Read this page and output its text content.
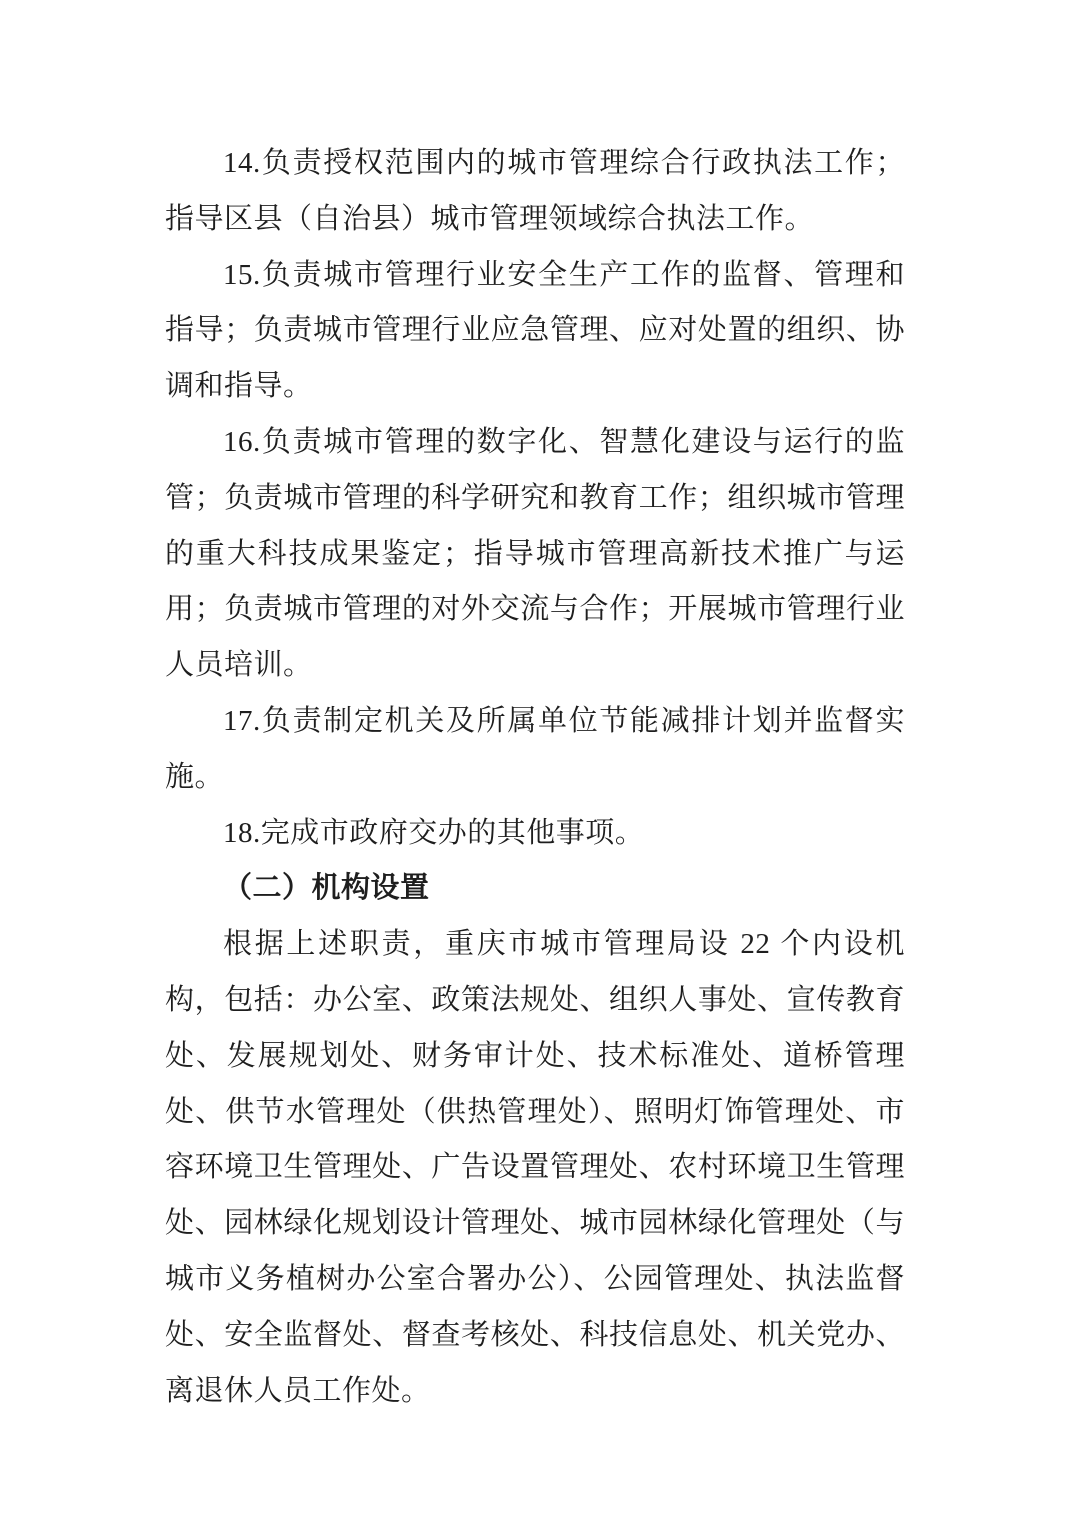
14.负责授权范围内的城市管理综合行政执法工作；指导区县（自治县）城市管理领域综合执法工作。

15.负责城市管理行业安全生产工作的监督、管理和指导；负责城市管理行业应急管理、应对处置的组织、协调和指导。

16.负责城市管理的数字化、智慧化建设与运行的监管；负责城市管理的科学研究和教育工作；组织城市管理的重大科技成果鉴定；指导城市管理高新技术推广与运用；负责城市管理的对外交流与合作；开展城市管理行业人员培训。

17.负责制定机关及所属单位节能减排计划并监督实施。

18.完成市政府交办的其他事项。

（二）机构设置

根据上述职责，重庆市城市管理局设 22 个内设机构，包括：办公室、政策法规处、组织人事处、宣传教育处、发展规划处、财务审计处、技术标准处、道桥管理处、供节水管理处（供热管理处）、照明灯饰管理处、市容环境卫生管理处、广告设置管理处、农村环境卫生管理处、园林绿化规划设计管理处、城市园林绿化管理处（与城市义务植树办公室合署办公）、公园管理处、执法监督处、安全监督处、督查考核处、科技信息处、机关党办、离退休人员工作处。
